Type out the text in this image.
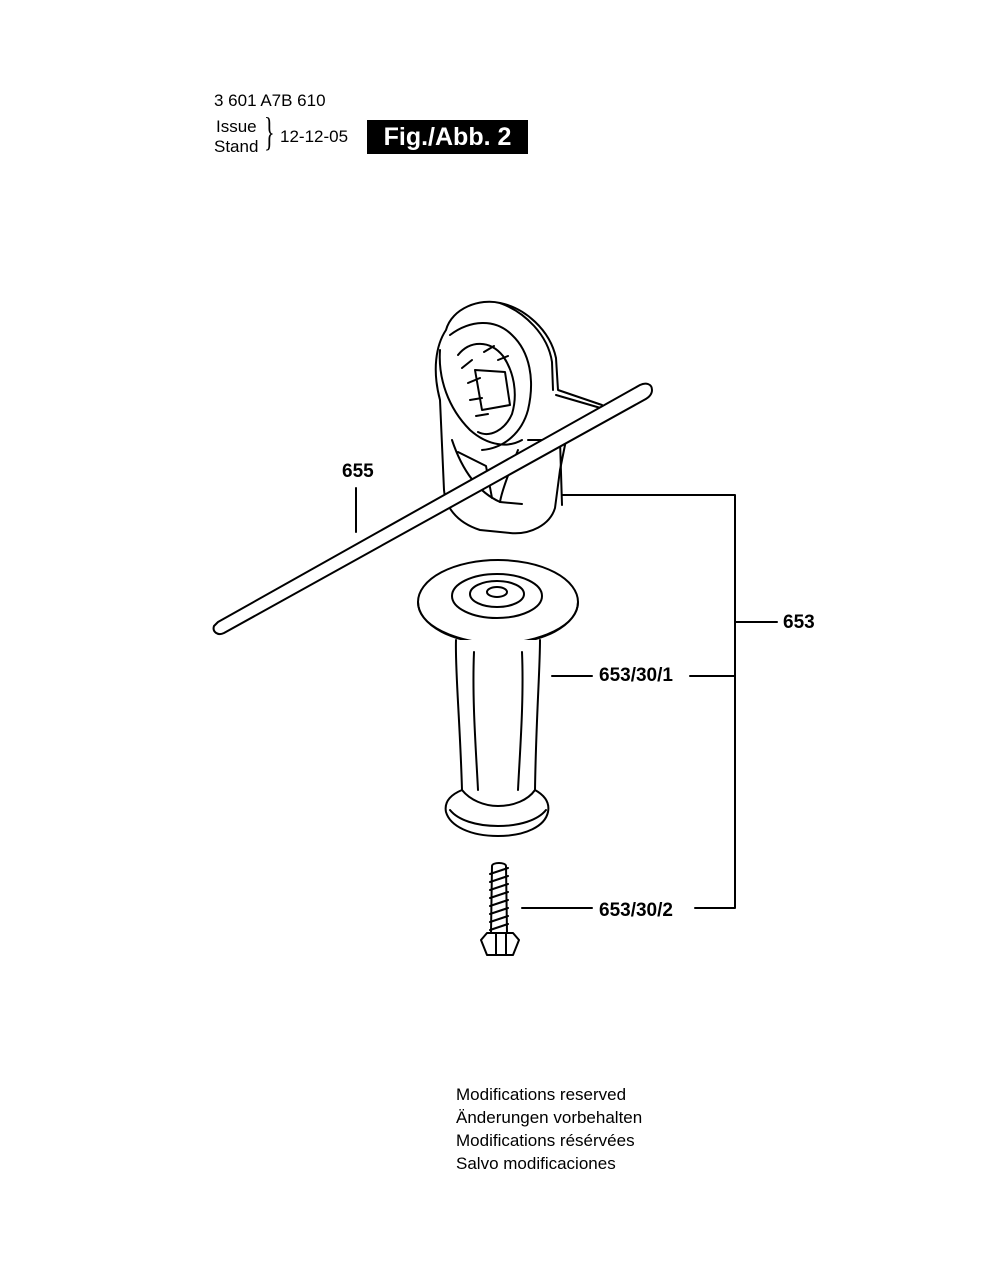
3 601 A7B 610
Issue
Stand } 12-12-05	Fig./Abb. 2
655
653
653/30/1
653/30/2
Modifications reserved
Änderungen vorbehalten
Modifications résérvées
Salvo modificaciones
